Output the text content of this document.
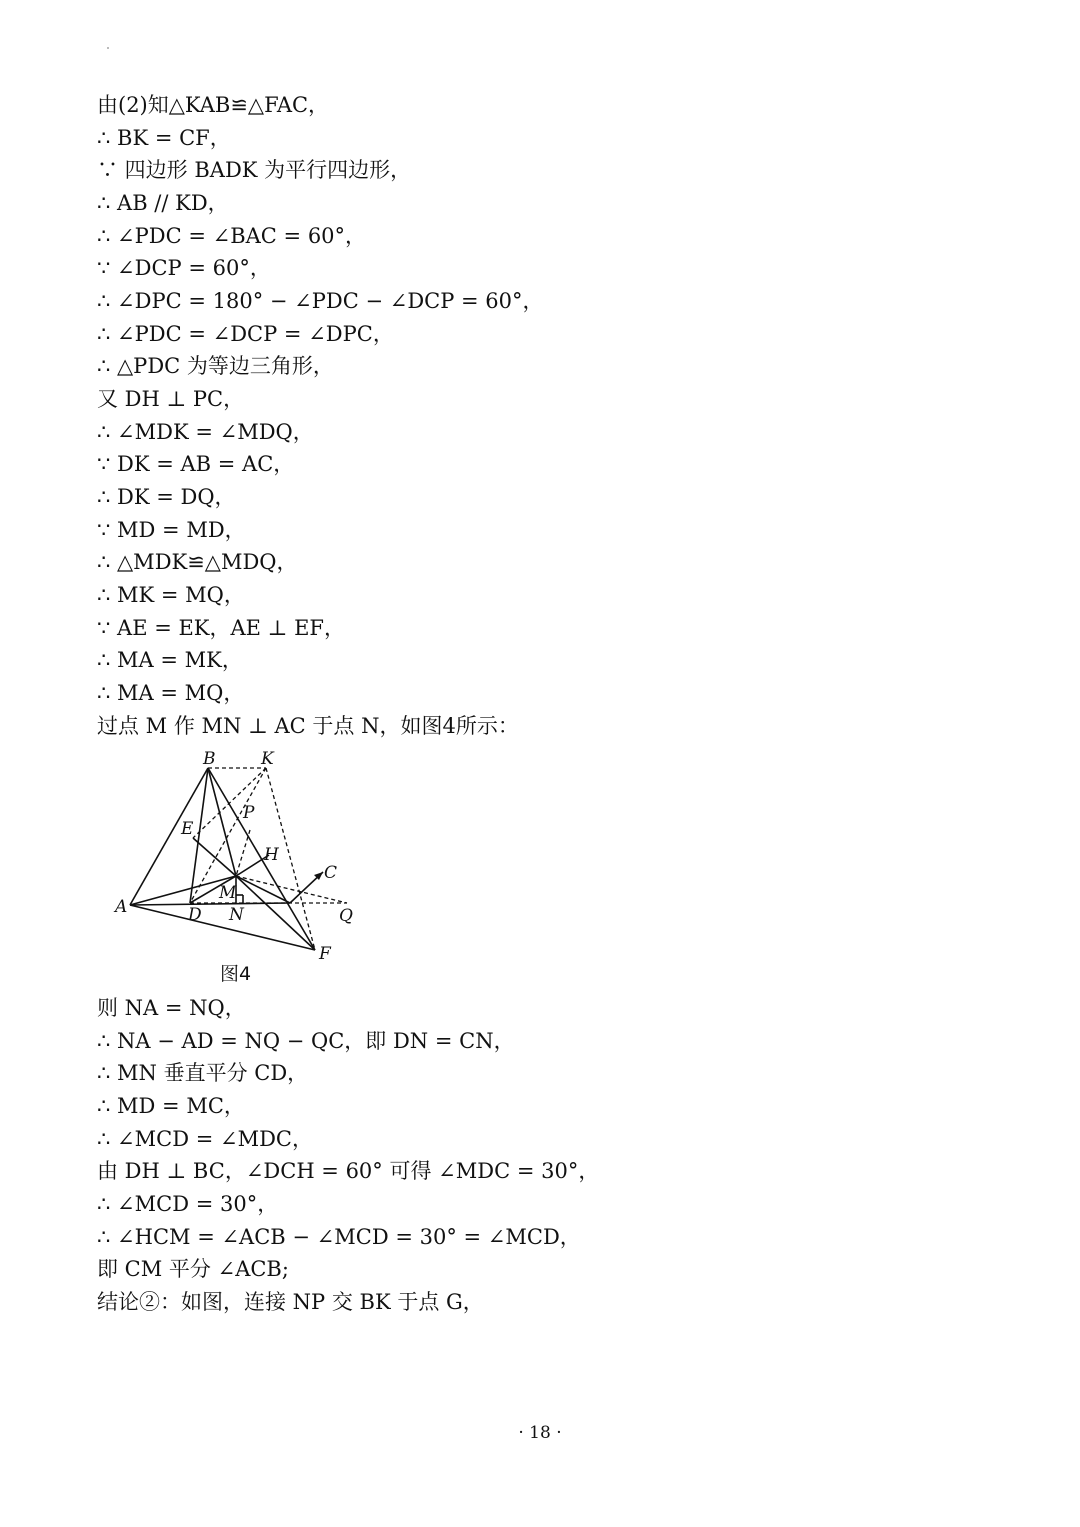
由(2)知△KAB≌△FAC，
∴ BK = CF，
∵ 四边形 BADK 为平行四边形，
∴ AB // KD，
∴ ∠PDC = ∠BAC = 60°，
∵ ∠DCP = 60°，
∴ ∠DPC = 180° − ∠PDC − ∠DCP = 60°，
∴ ∠PDC = ∠DCP = ∠DPC，
∴ △PDC 为等边三角形，
又 DH ⊥ PC，
∴ ∠MDK = ∠MDQ，
∵ DK = AB = AC，
∴ DK = DQ，
∵ MD = MD，
∴ △MDK≌△MDQ，
∴ MK = MQ，
∵ AE = EK，AE ⊥ EF，
∴ MA = MK，
∴ MA = MQ，
过点 M 作 MN ⊥ AC 于点 N，如图4所示：
B	K
P
E
H
C
M
A	D N	Q
F
图4
则 NA = NQ，
∴ NA − AD = NQ − QC，即 DN = CN，
∴ MN 垂直平分 CD，
∴ MD = MC，
∴ ∠MCD = ∠MDC，
由 DH ⊥ BC，∠DCH = 60° 可得 ∠MDC = 30°，
∴ ∠MCD = 30°，
∴ ∠HCM = ∠ACB − ∠MCD = 30° = ∠MCD，
即 CM 平分 ∠ACB;
结论②：如图，连接 NP 交 BK 于点 G，
· 18 ·
